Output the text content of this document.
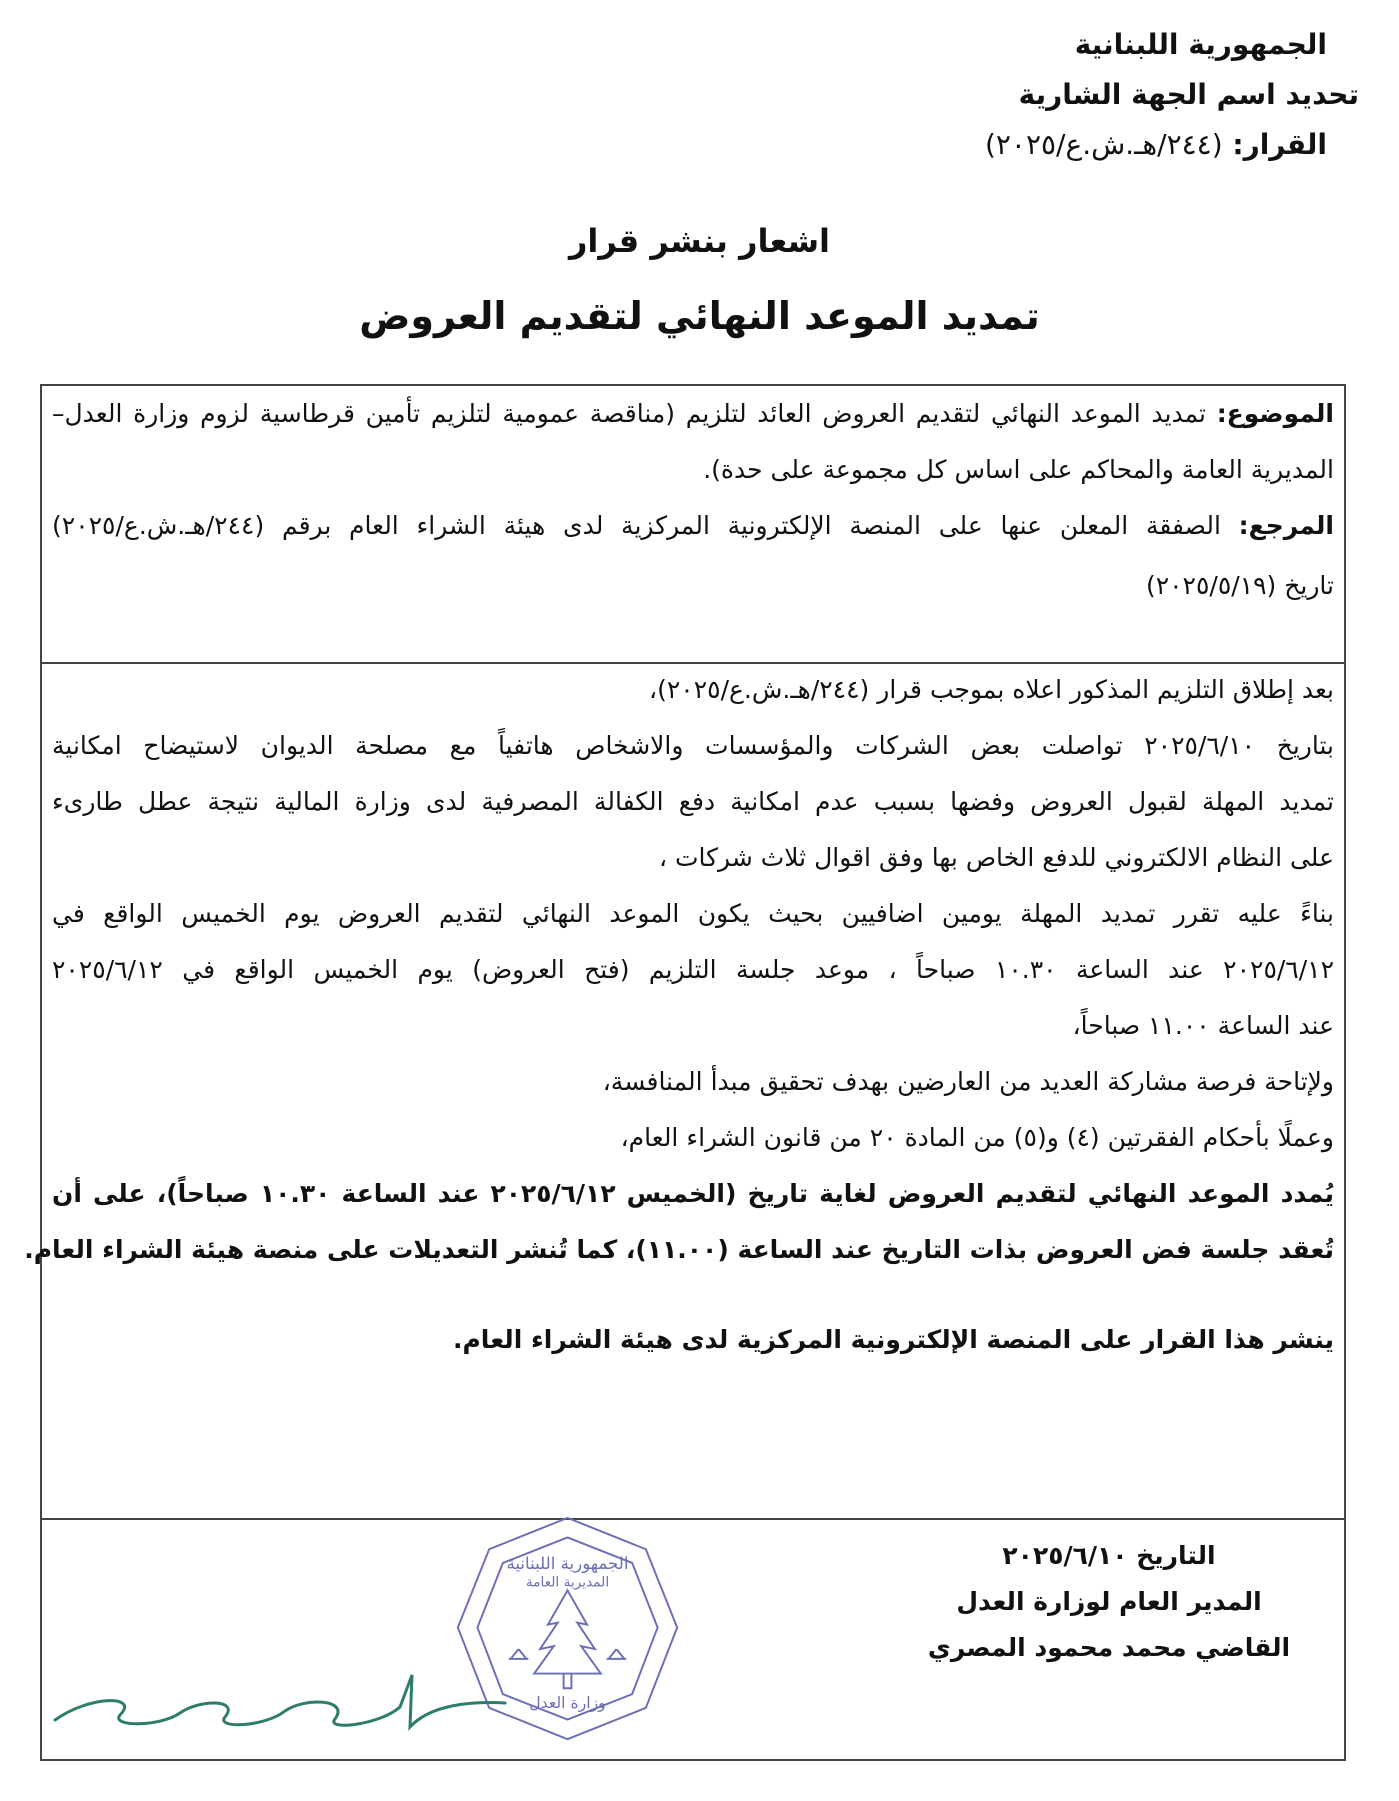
الجمهورية اللبنانية
تحديد اسم الجهة الشارية
القرار: (٢٤٤/هـ.ش.ع/٢٠٢٥)
اشعار بنشر قرار
تمديد الموعد النهائي لتقديم العروض
الموضوع: تمديد الموعد النهائي لتقديم العروض العائد لتلزيم (مناقصة عمومية لتلزيم تأمين قرطاسية لزوم وزارة العدل–
المديرية العامة والمحاكم على اساس كل مجموعة على حدة).
المرجع: الصفقة المعلن عنها على المنصة الإلكترونية المركزية لدى هيئة الشراء العام برقم (٢٤٤/هـ.ش.ع/٢٠٢٥)
تاريخ (٢٠٢٥/٥/١٩)
بعد إطلاق التلزيم المذكور اعلاه بموجب قرار (٢٤٤/هـ.ش.ع/٢٠٢٥)،
بتاريخ ٢٠٢٥/٦/١٠ تواصلت بعض الشركات والمؤسسات والاشخاص هاتفياً مع مصلحة الديوان لاستيضاح امكانية
تمديد المهلة لقبول العروض وفضها بسبب عدم امكانية دفع الكفالة المصرفية لدى وزارة المالية نتيجة عطل طارىء
على النظام الالكتروني للدفع الخاص بها وفق اقوال ثلاث شركات ،
بناءً عليه تقرر تمديد المهلة يومين اضافيين بحيث يكون الموعد النهائي لتقديم العروض يوم الخميس الواقع في
٢٠٢٥/٦/١٢ عند الساعة ١٠.٣٠ صباحاً ، موعد جلسة التلزيم (فتح العروض) يوم الخميس الواقع في ٢٠٢٥/٦/١٢
عند الساعة ١١.٠٠ صباحاً،
ولإتاحة فرصة مشاركة العديد من العارضين بهدف تحقيق مبدأ المنافسة،
وعملًا بأحكام الفقرتين (٤) و(٥) من المادة ٢٠ من قانون الشراء العام،
يُمدد الموعد النهائي لتقديم العروض لغاية تاريخ (الخميس ٢٠٢٥/٦/١٢ عند الساعة ١٠.٣٠ صباحاً)، على أن
تُعقد جلسة فض العروض بذات التاريخ عند الساعة (١١.٠٠)، كما تُنشر التعديلات على منصة هيئة الشراء العام.
ينشر هذا القرار على المنصة الإلكترونية المركزية لدى هيئة الشراء العام.
التاريخ ٢٠٢٥/٦/١٠
المدير العام لوزارة العدل
القاضي محمد محمود المصري
الجمهورية اللبنانية
المديرية العامة
وزارة العدل
